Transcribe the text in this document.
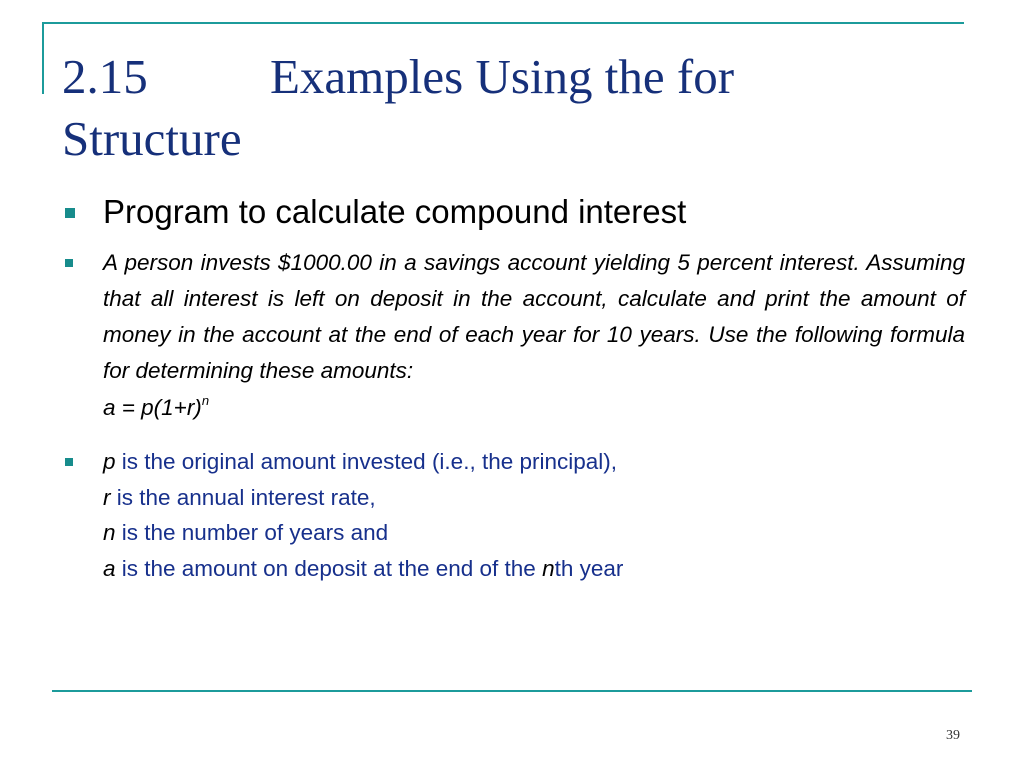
2.15 Examples Using the for
Structure
Program to calculate compound interest
A person invests $1000.00 in a savings account yielding 5 percent interest. Assuming that all interest is left on deposit in the account, calculate and print the amount of money in the account at the end of each year for 10 years. Use the following formula for determining these amounts:
$a = p(1+r)^n$
p is the original amount invested (i.e., the principal),
r is the annual interest rate,
n is the number of years and
a is the amount on deposit at the end of the nth year
39
